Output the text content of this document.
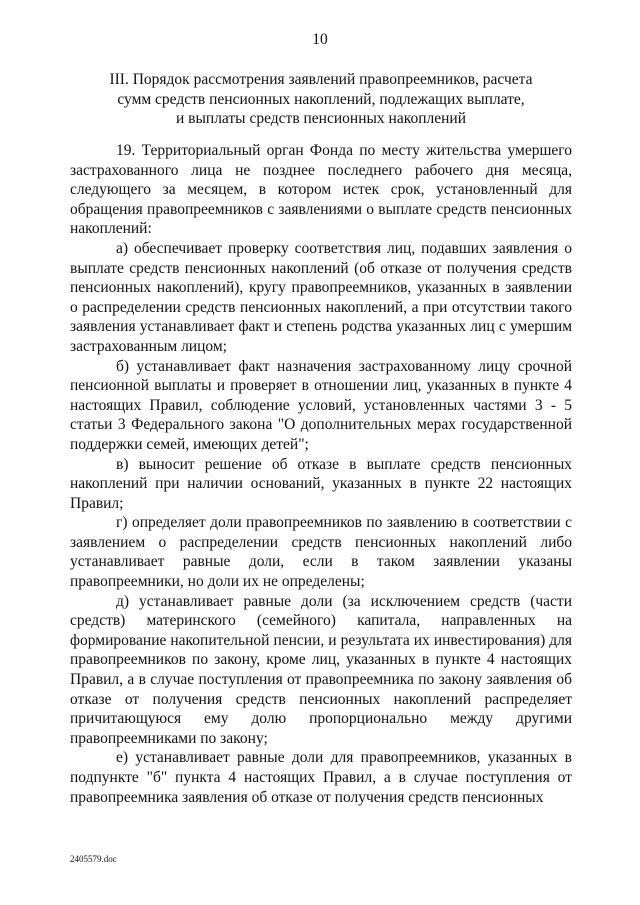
10
III. Порядок рассмотрения заявлений правопреемников, расчета
сумм средств пенсионных накоплений, подлежащих выплате,
и выплаты средств пенсионных накоплений

19. Территориальный орган Фонда по месту жительства умершего застрахованного лица не позднее последнего рабочего дня месяца, следующего за месяцем, в котором истек срок, установленный для обращения правопреемников с заявлениями о выплате средств пенсионных накоплений:

а) обеспечивает проверку соответствия лиц, подавших заявления о выплате средств пенсионных накоплений (об отказе от получения средств пенсионных накоплений), кругу правопреемников, указанных в заявлении о распределении средств пенсионных накоплений, а при отсутствии такого заявления устанавливает факт и степень родства указанных лиц с умершим застрахованным лицом;

б) устанавливает факт назначения застрахованному лицу срочной пенсионной выплаты и проверяет в отношении лиц, указанных в пункте 4 настоящих Правил, соблюдение условий, установленных частями 3 - 5 статьи 3 Федерального закона "О дополнительных мерах государственной поддержки семей, имеющих детей";

в) выносит решение об отказе в выплате средств пенсионных накоплений при наличии оснований, указанных в пункте 22 настоящих Правил;

г) определяет доли правопреемников по заявлению в соответствии с заявлением о распределении средств пенсионных накоплений либо устанавливает равные доли, если в таком заявлении указаны правопреемники, но доли их не определены;

д) устанавливает равные доли (за исключением средств (части средств) материнского (семейного) капитала, направленных на формирование накопительной пенсии, и результата их инвестирования) для правопреемников по закону, кроме лиц, указанных в пункте 4 настоящих Правил, а в случае поступления от правопреемника по закону заявления об отказе от получения средств пенсионных накоплений распределяет причитающуюся ему долю пропорционально между другими правопреемниками по закону;

е) устанавливает равные доли для правопреемников, указанных в подпункте "б" пункта 4 настоящих Правил, а в случае поступления от правопреемника заявления об отказе от получения средств пенсионных

2405579.doc
